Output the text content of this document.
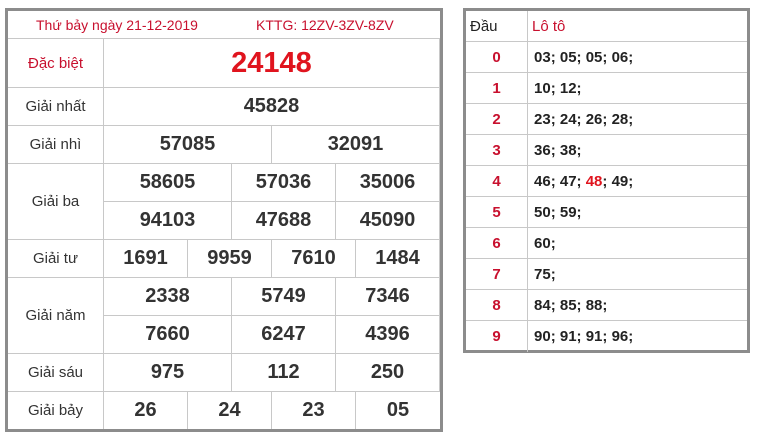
Thứ bảy ngày 21-12-2019	KTTG: 12ZV-3ZV-8ZV
Đặc biệt	24148
Giải nhất	45828
Giải nhì	57085	32091
Giải ba
58605	57036	35006
94103	47688	45090
Giải tư	1691	9959	7610	1484
Giải năm
2338	5749	7346
7660	6247	4396
Giải sáu	975	112	250
Giải bảy	26	24	23	05
Đầu	Lô tô
0	03 ; 05 ; 05 ; 06 ;
1	10 ; 12 ;
2	23 ; 24 ; 26 ; 28 ;
3	36 ; 38 ;
4	46 ; 47 ; 48 ; 49 ;
5	50 ; 59 ;
6	60 ;
7	75 ;
8	84 ; 85 ; 88 ;
9	90 ; 91 ; 91 ; 96 ;
